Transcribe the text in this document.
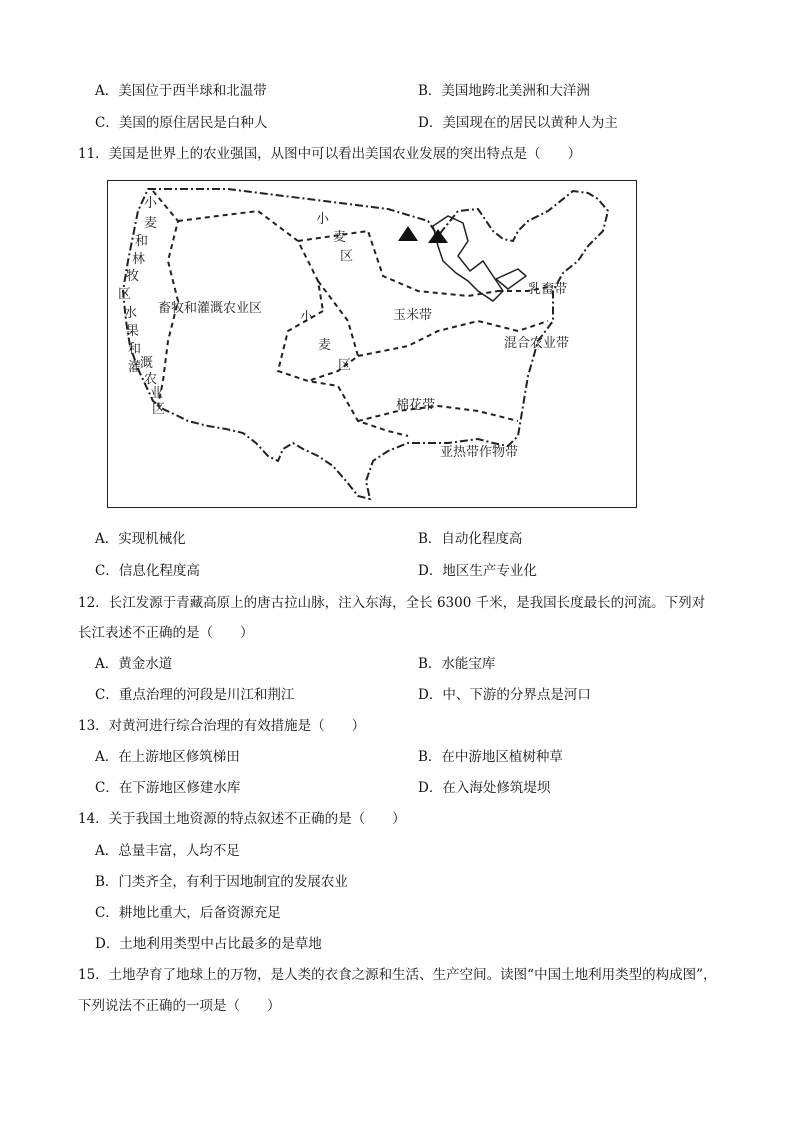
A．美国位于西半球和北温带	B．美国地跨北美洲和大洋洲
C．美国的原住居民是白种人	D．美国现在的居民以黄种人为主
11．美国是世界上的农业强国，从图中可以看出美国农业发展的突出特点是（　　）
小
麦
和
林
牧
区
水
果
和
灌
溉
农
业
区
畜牧和灌溉农业区
小
麦
区
小
麦
区
玉米带
乳畜带
混合农业带
棉花带
亚热带作物带
A．实现机械化	B．自动化程度高
C．信息化程度高	D．地区生产专业化
12．长江发源于青藏高原上的唐古拉山脉，注入东海，全长 6300 千米，是我国长度最长的河流。下列对
长江表述不正确的是（　　）
A．黄金水道	B．水能宝库
C．重点治理的河段是川江和荆江	D．中、下游的分界点是河口
13．对黄河进行综合治理的有效措施是（　　）
A．在上游地区修筑梯田	B．在中游地区植树种草
C．在下游地区修建水库	D．在入海处修筑堤坝
14．关于我国土地资源的特点叙述不正确的是（　　）
A．总量丰富，人均不足
B．门类齐全，有利于因地制宜的发展农业
C．耕地比重大，后备资源充足
D．土地利用类型中占比最多的是草地
15．土地孕育了地球上的万物，是人类的衣食之源和生活、生产空间。读图“中国土地利用类型的构成图”，
下列说法不正确的一项是（　　）
